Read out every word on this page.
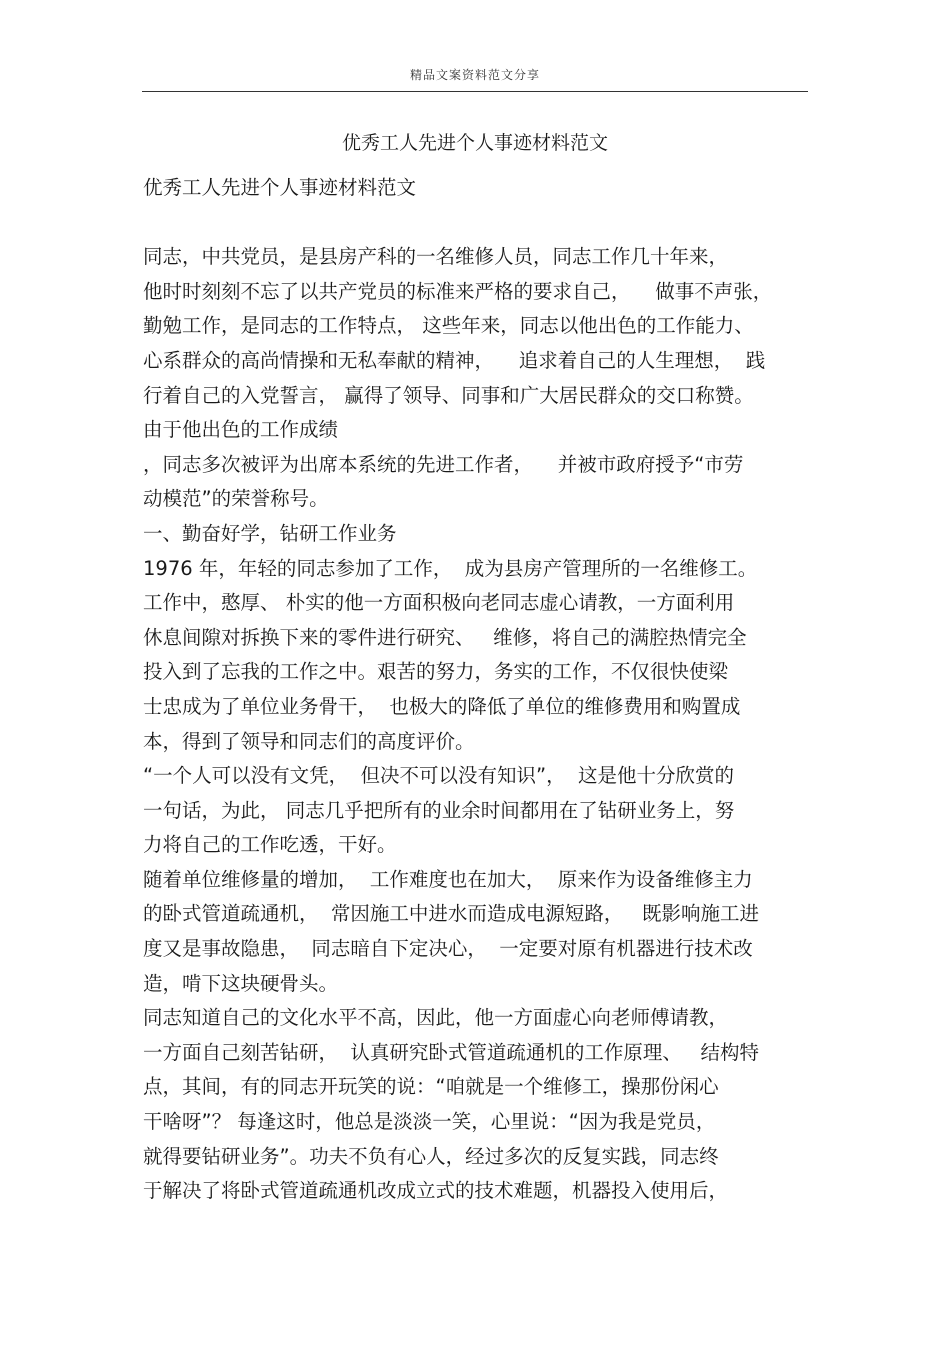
精品文案资料范文分享
优秀工人先进个人事迹材料范文
优秀工人先进个人事迹材料范文
同志，中共党员，是县房产科的一名维修人员，同志工作几十年来，
他时时刻刻不忘了以共产党员的标准来严格的要求自己，    做事不声张，
勤勉工作，是同志的工作特点， 这些年来，同志以他出色的工作能力、
心系群众的高尚情操和无私奉献的精神，    追求着自己的人生理想，  践
行着自己的入党誓言， 赢得了领导、同事和广大居民群众的交口称赞。
由于他出色的工作成绩
，同志多次被评为出席本系统的先进工作者，    并被市政府授予“市劳
动模范”的荣誉称号。
一、勤奋好学，钻研工作业务
1976 年，年轻的同志参加了工作，  成为县房产管理所的一名维修工。
工作中，憨厚、 朴实的他一方面积极向老同志虚心请教，一方面利用
休息间隙对拆换下来的零件进行研究、   维修，将自己的满腔热情完全
投入到了忘我的工作之中。艰苦的努力，务实的工作，不仅很快使梁
士忠成为了单位业务骨干，  也极大的降低了单位的维修费用和购置成
本，得到了领导和同志们的高度评价。
“一个人可以没有文凭，  但决不可以没有知识”，  这是他十分欣赏的
一句话，为此， 同志几乎把所有的业余时间都用在了钻研业务上，努
力将自己的工作吃透，干好。
随着单位维修量的增加，  工作难度也在加大，  原来作为设备维修主力
的卧式管道疏通机，  常因施工中进水而造成电源短路，   既影响施工进
度又是事故隐患，  同志暗自下定决心，  一定要对原有机器进行技术改
造，啃下这块硬骨头。
同志知道自己的文化水平不高，因此，他一方面虚心向老师傅请教，
一方面自己刻苦钻研，  认真研究卧式管道疏通机的工作原理、   结构特
点，其间，有的同志开玩笑的说：“咱就是一个维修工，操那份闲心
干啥呀”？ 每逢这时，他总是淡淡一笑，心里说：“因为我是党员，
就得要钻研业务”。功夫不负有心人，经过多次的反复实践，同志终
于解决了将卧式管道疏通机改成立式的技术难题，机器投入使用后，
